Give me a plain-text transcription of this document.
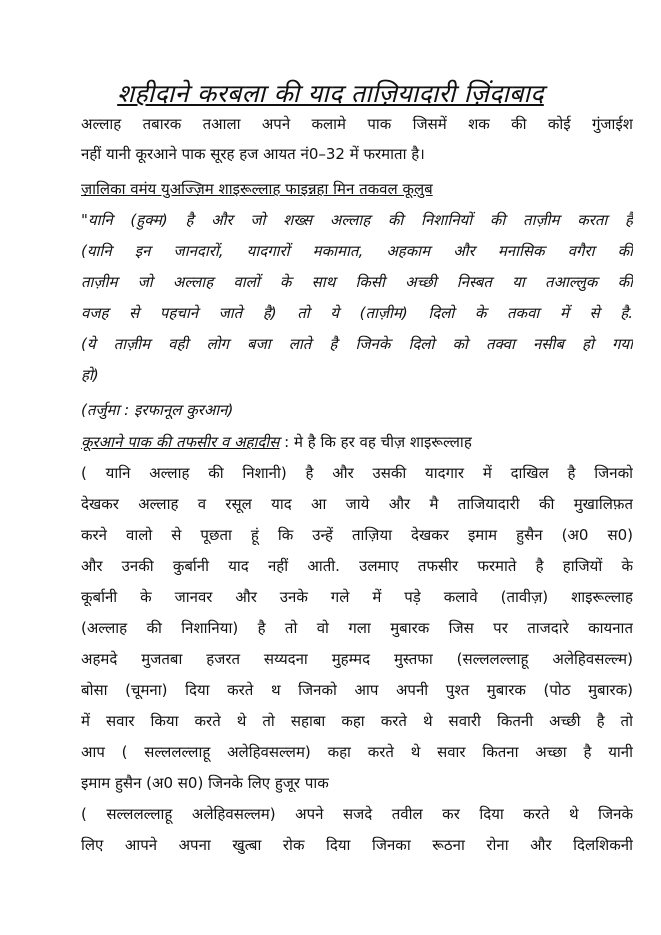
शहीदाने करबला की याद ताज़ियादारी ज़िंदाबाद
अल्लाह तबारक तआला अपने कलामे पाक जिसमें शक की कोई गुंजाईश
नहीं यानी कूरआने पाक सूरह हज आयत नं0–32 में फरमाता है।
ज़ालिका वमंय युअज्ज़िम शाइरूल्लाह फाइन्नहा मिन तकवल कूलुब
"यानि (हुक्म) है और जो शख्स अल्लाह की निशानियों की ताज़ीम करता है
(यानि इन जानदारों, यादगारों मकामात, अहकाम और मनासिक वगैरा की
ताज़ीम जो अल्लाह वालों के साथ किसी अच्छी निस्बत या तआल्लुक की
वजह से पहचाने जाते है) तो ये (ताज़ीम) दिलो के तकवा में से है.
(ये ताज़ीम वही लोग बजा लाते है जिनके दिलो को तक्वा नसीब हो गया
हो)
(तर्जुमा : इरफानूल कुरआन)
कूरआने पाक की तफसीर व अहादीस : मे है कि हर वह चीज़ शाइरूल्लाह
( यानि अल्लाह की निशानी) है और उसकी यादगार में दाखिल है जिनको
देखकर अल्लाह व रसूल याद आ जाये और मै ताजियादारी की मुखालिफ़त
करने वालो से पूछता हूं कि उन्हें ताज़िया देखकर इमाम हुसैन (अ0 स0)
और उनकी कुर्बानी याद नहीं आती. उलमाए तफसीर फरमाते है हाजियों के
कूर्बानी के जानवर और उनके गले में पड़े कलावे (तावीज़) शाइरूल्लाह
(अल्लाह की निशानिया) है तो वो गला मुबारक जिस पर ताजदारे कायनात
अहमदे मुजतबा हजरत सय्यदना मुहम्मद मुस्तफा (सल्ललल्लाहू अलेहिवसल्ल्म)
बोसा (चूमना) दिया करते थ जिनको आप अपनी पुश्त मुबारक (पोठ मुबारक)
में सवार किया करते थे तो सहाबा कहा करते थे सवारी कितनी अच्छी है तो
आप ( सल्ललल्लाहू अलेहिवसल्लम) कहा करते थे सवार कितना अच्छा है यानी
इमाम हुसैन (अ0 स0) जिनके लिए हुजूर पाक
( सल्ललल्लाहू अलेहिवसल्लम) अपने सजदे तवील कर दिया करते थे जिनके
लिए आपने अपना खुत्बा रोक दिया जिनका रूठना रोना और दिलशिकनी
